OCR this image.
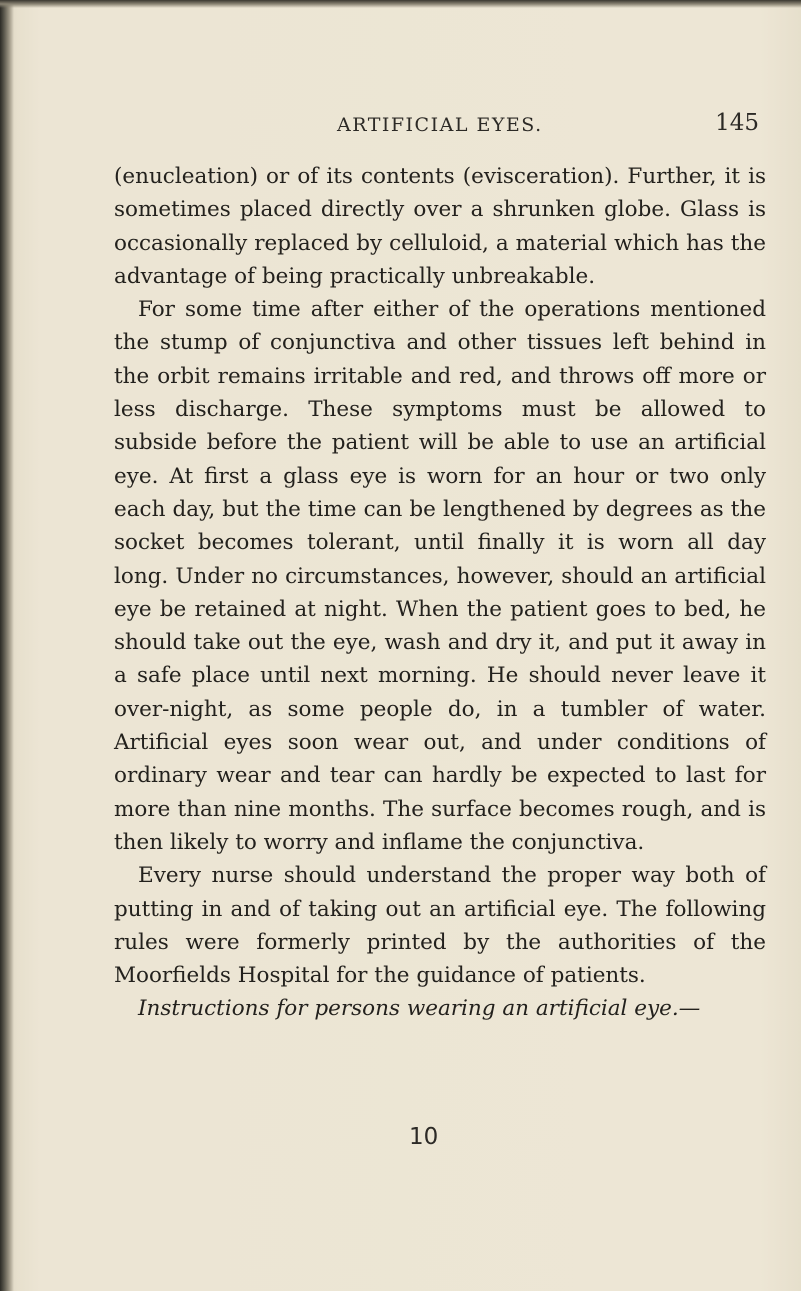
ARTIFICIAL EYES.	145

(enucleation) or of its contents (evisceration). Further, it is sometimes placed directly over a shrunken globe. Glass is occasionally replaced by celluloid, a material which has the advantage of being practically unbreakable.

For some time after either of the operations mentioned the stump of conjunctiva and other tissues left behind in the orbit remains irritable and red, and throws off more or less discharge. These symptoms must be allowed to subside before the patient will be able to use an artificial eye. At first a glass eye is worn for an hour or two only each day, but the time can be lengthened by degrees as the socket becomes tolerant, until finally it is worn all day long. Under no circumstances, however, should an artificial eye be retained at night. When the patient goes to bed, he should take out the eye, wash and dry it, and put it away in a safe place until next morning. He should never leave it over-night, as some people do, in a tumbler of water. Artificial eyes soon wear out, and under conditions of ordinary wear and tear can hardly be expected to last for more than nine months. The surface becomes rough, and is then likely to worry and inflame the conjunctiva.

Every nurse should understand the proper way both of putting in and of taking out an artificial eye. The following rules were formerly printed by the authorities of the Moorfields Hospital for the guidance of patients.

Instructions for persons wearing an artificial eye.—

10
